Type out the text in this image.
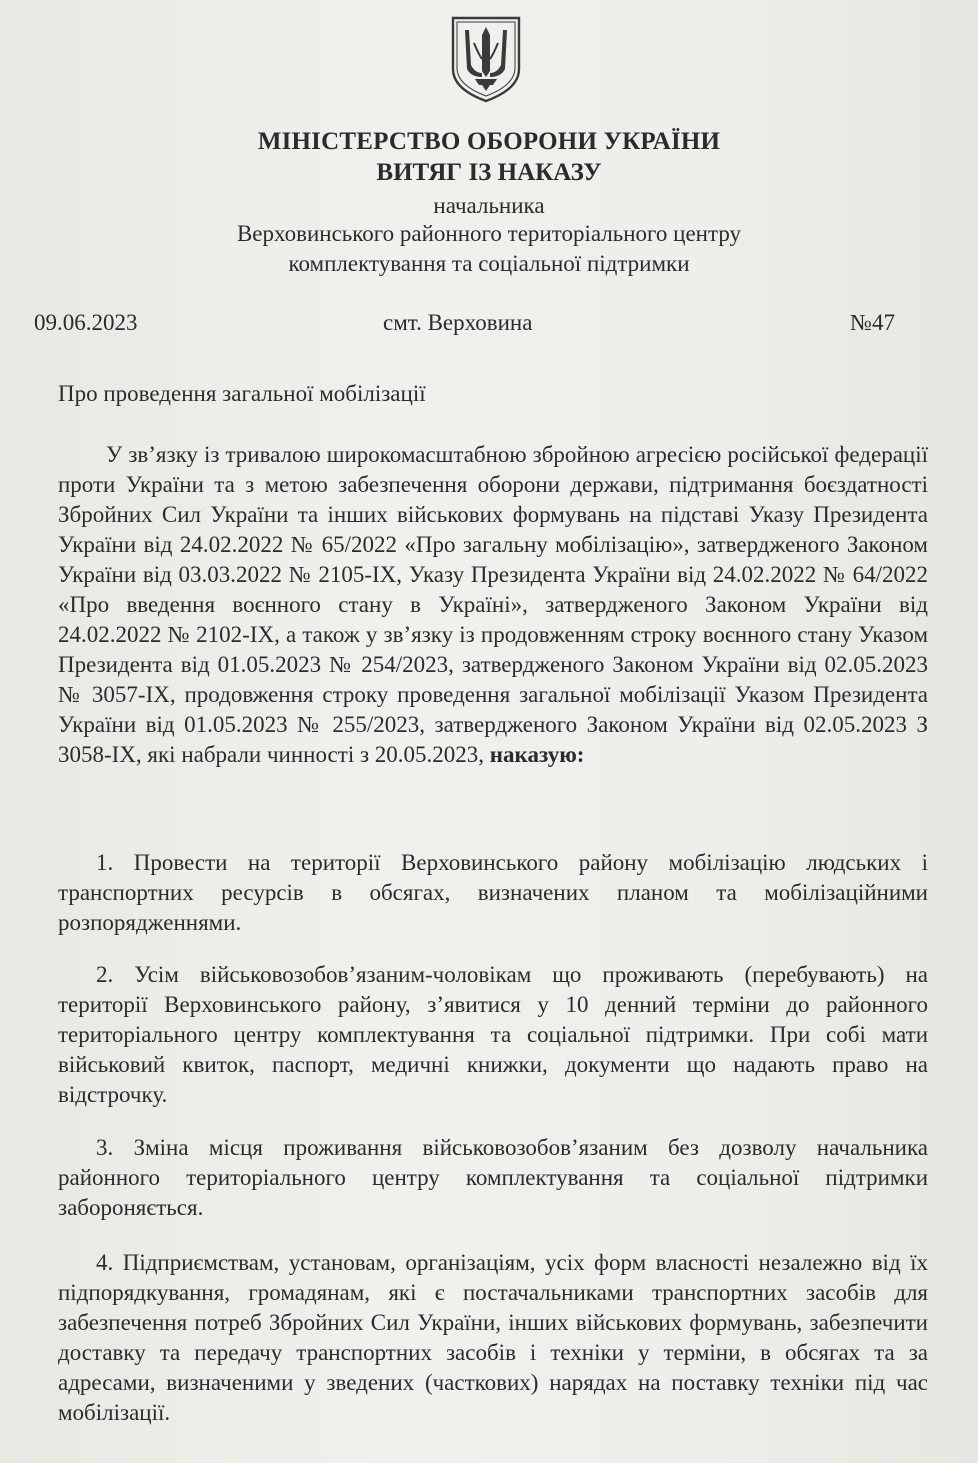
МІНІСТЕРСТВО ОБОРОНИ УКРАЇНИ
ВИТЯГ ІЗ НАКАЗУ
начальника
Верховинського районного територіального центру
комплектування та соціальної підтримки
09.06.2023	смт. Верховина	№47
Про проведення загальної мобілізації

У зв’язку із тривалою широкомасштабною збройною агресією російської федерації проти України та з метою забезпечення оборони держави, підтримання боєздатності Збройних Сил України та інших військових формувань на підставі Указу Президента України від 24.02.2022 № 65/2022 «Про загальну мобілізацію», затвердженого Законом України від 03.03.2022 № 2105-IX, Указу Президента України від 24.02.2022 № 64/2022 «Про введення воєнного стану в Україні», затвердженого Законом України від 24.02.2022 № 2102-IX, а також у зв’язку із продовженням строку воєнного стану Указом Президента від 01.05.2023 № 254/2023, затвердженого Законом України від 02.05.2023 № 3057-IX, продовження строку проведення загальної мобілізації Указом Президента України від 01.05.2023 № 255/2023, затвердженого Законом України від 02.05.2023 З 3058-IX, які набрали чинності з 20.05.2023, наказую:

1. Провести на території Верховинського району мобілізацію людських і транспортних ресурсів в обсягах, визначених планом та мобілізаційними розпорядженнями.

2. Усім військовозобов’язаним-чоловікам що проживають (перебувають) на території Верховинського району, з’явитися у 10 денний терміни до районного територіального центру комплектування та соціальної підтримки. При собі мати військовий квиток, паспорт, медичні книжки, документи що надають право на відстрочку.

3. Зміна місця проживання військовозобов’язаним без дозволу начальника районного територіального центру комплектування та соціальної підтримки забороняється.

4. Підприємствам, установам, організаціям, усіх форм власності незалежно від їх підпорядкування, громадянам, які є постачальниками транспортних засобів для забезпечення потреб Збройних Сил України, інших військових формувань, забезпечити доставку та передачу транспортних засобів і техніки у терміни, в обсягах та за адресами, визначеними у зведених (часткових) нарядах на поставку техніки під час мобілізації.
